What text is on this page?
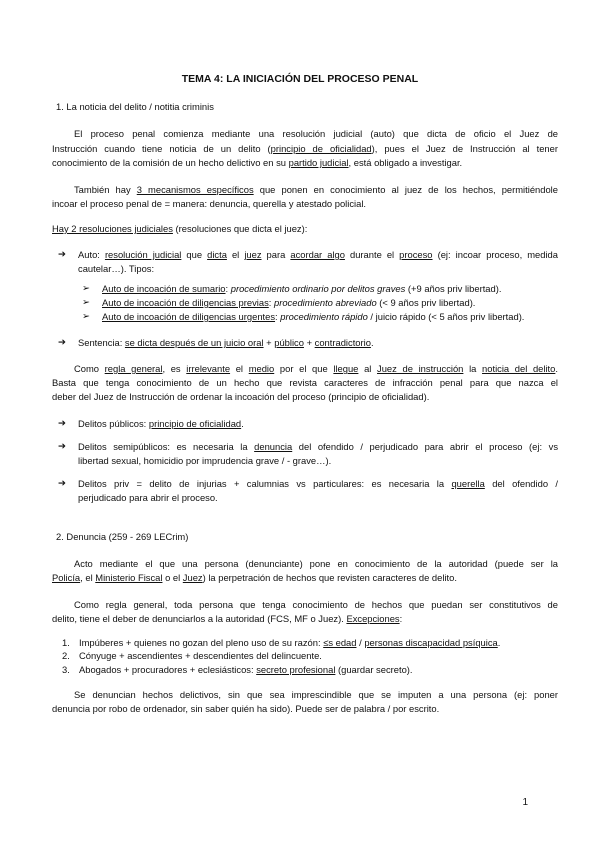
TEMA 4: LA INICIACIÓN DEL PROCESO PENAL
1. La noticia del delito / notitia criminis
El proceso penal comienza mediante una resolución judicial (auto) que dicta de oficio el Juez de
Instrucción cuando tiene noticia de un delito (principio de oficialidad), pues el Juez de Instrucción al tener
conocimiento de la comisión de un hecho delictivo en su partido judicial, está obligado a investigar.
También hay 3 mecanismos específicos que ponen en conocimiento al juez de los hechos, permitiéndole
incoar el proceso penal de = manera: denuncia, querella y atestado policial.
Hay 2 resoluciones judiciales (resoluciones que dicta el juez):
➔ Auto: resolución judicial que dicta el juez para acordar algo durante el proceso (ej: incoar proceso, medida
cautelar…). Tipos:
➢ Auto de incoación de sumario: procedimiento ordinario por delitos graves (+9 años priv libertad).
➢ Auto de incoación de diligencias previas: procedimiento abreviado (< 9 años priv libertad).
➢ Auto de incoación de diligencias urgentes: procedimiento rápido / juicio rápido (< 5 años priv libertad).
➔ Sentencia: se dicta después de un juicio oral + público + contradictorio.
Como regla general, es irrelevante el medio por el que llegue al Juez de instrucción la noticia del delito.
Basta que tenga conocimiento de un hecho que revista caracteres de infracción penal para que nazca el
deber del Juez de Instrucción de ordenar la incoación del proceso (principio de oficialidad).
➔ Delitos públicos: principio de oficialidad.
➔ Delitos semipúblicos: es necesaria la denuncia del ofendido / perjudicado para abrir el proceso (ej: vs
libertad sexual, homicidio por imprudencia grave / - grave…).
➔ Delitos priv = delito de injurias + calumnias vs particulares: es necesaria la querella del ofendido /
perjudicado para abrir el proceso.
2. Denuncia (259 - 269 LECrim)
Acto mediante el que una persona (denunciante) pone en conocimiento de la autoridad (puede ser la
Policía, el Ministerio Fiscal o el Juez) la perpetración de hechos que revisten caracteres de delito.
Como regla general, toda persona que tenga conocimiento de hechos que puedan ser constitutivos de
delito, tiene el deber de denunciarlos a la autoridad (FCS, MF o Juez). Excepciones:
1. Impúberes + quienes no gozan del pleno uso de su razón: ≤s edad / personas discapacidad psíquica.
2. Cónyuge + ascendientes + descendientes del delincuente.
3. Abogados + procuradores + eclesiásticos: secreto profesional (guardar secreto).
Se denuncian hechos delictivos, sin que sea imprescindible que se imputen a una persona (ej: poner
denuncia por robo de ordenador, sin saber quién ha sido). Puede ser de palabra / por escrito.
1
